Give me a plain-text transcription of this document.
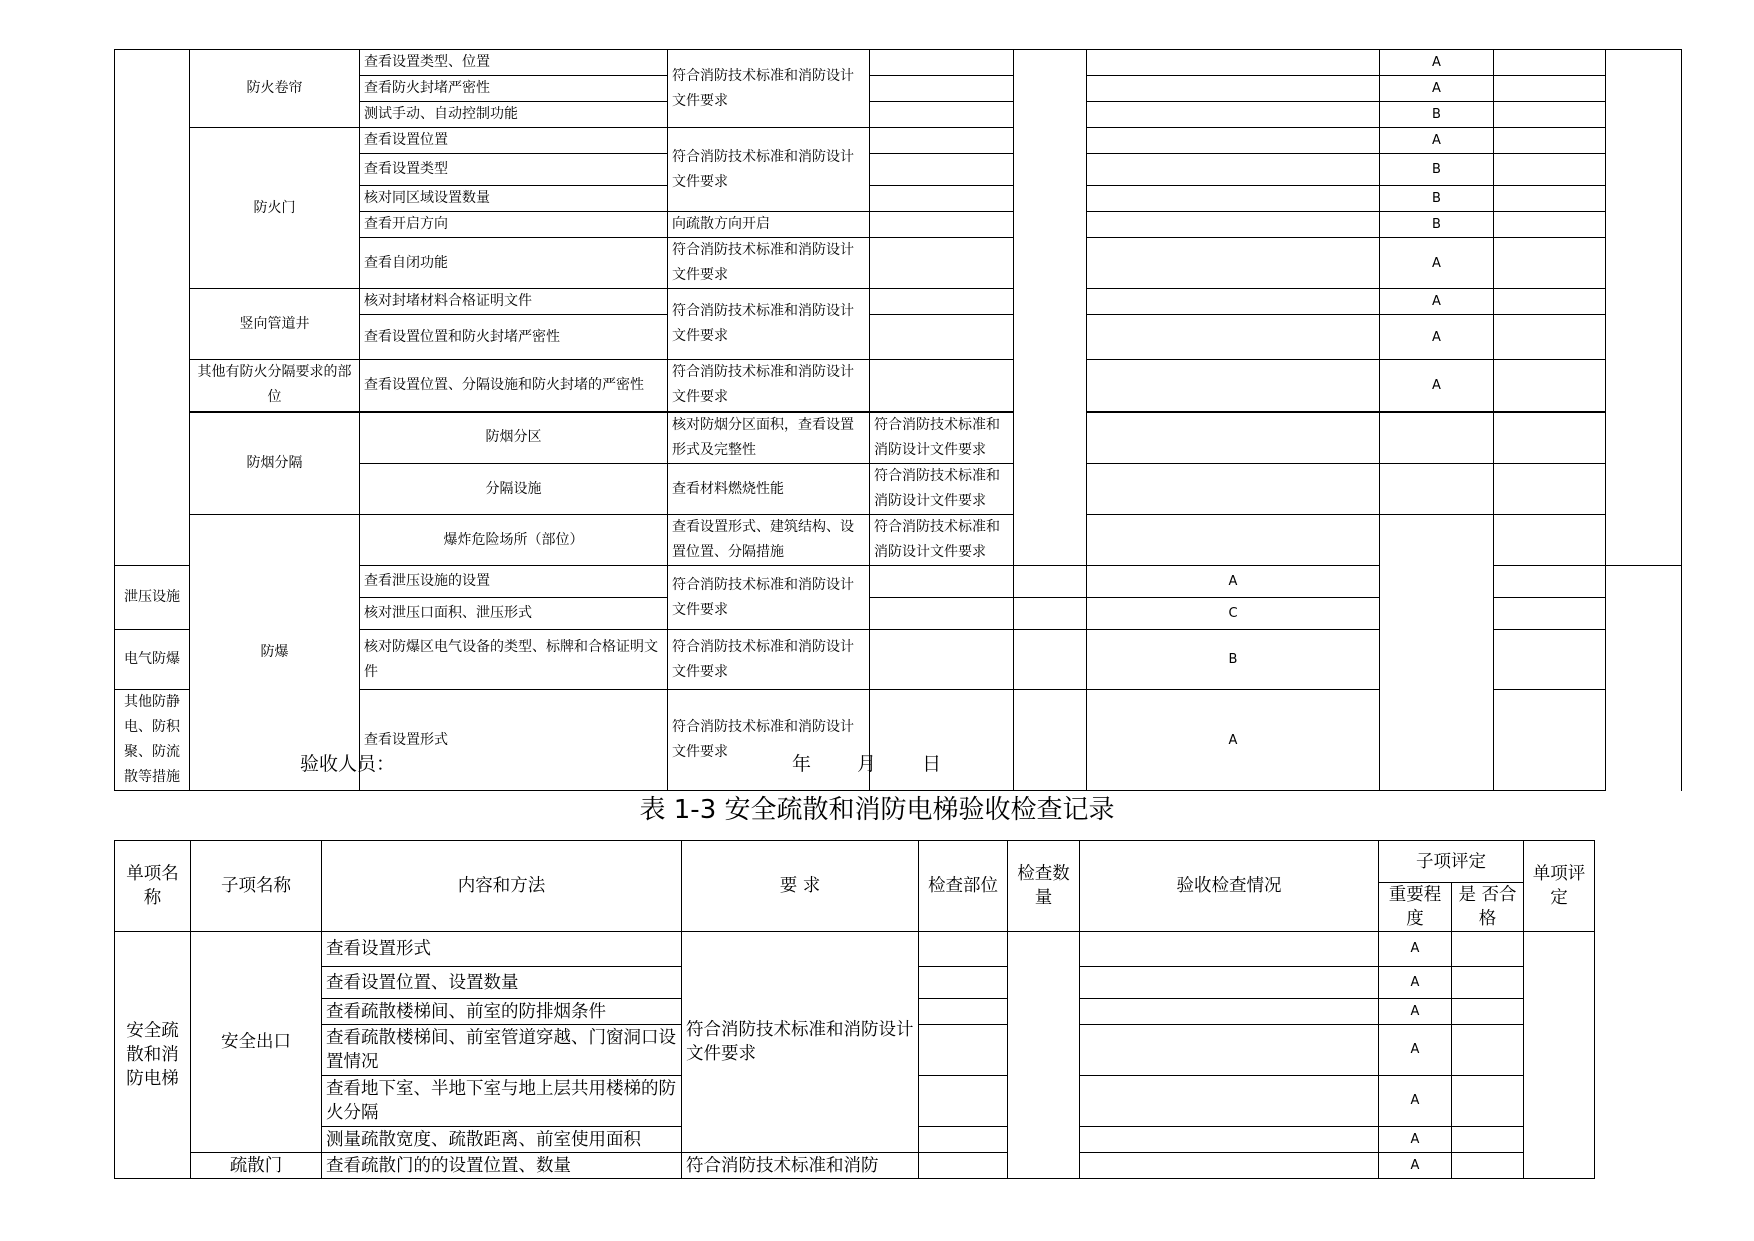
	防火卷帘	查看设置类型、位置	符合消防技术标准和消防设计文件要求				A			
		查看防火封堵严密性					A			
		测试手动、自动控制功能					B			
	防火门	查看设置位置	符合消防技术标准和消防设计文件要求				A			
		查看设置类型					B			
		核对同区域设置数量					B			
		查看开启方向	向疏散方向开启				B			
		查看自闭功能	符合消防技术标准和消防设计文件要求				A			
	竖向管道井	核对封堵材料合格证明文件	符合消防技术标准和消防设计文件要求				A			
		查看设置位置和防火封堵严密性					A			
	其他有防火分隔要求的部位	查看设置位置、分隔设施和防火封堵的严密性	符合消防技术标准和消防设计文件要求				A			
	防烟分隔	防烟分区	核对防烟分区面积，查看设置形式及完整性	符合消防技术标准和消防设计文件要求						
		分隔设施	查看材料燃烧性能	符合消防技术标准和消防设计文件要求						
	防爆	爆炸危险场所（部位）	查看设置形式、建筑结构、设置位置、分隔措施	符合消防技术标准和消防设计文件要求						
泄压设施		查看泄压设施的设置	符合消防技术标准和消防设计文件要求			A				
		核对泄压口面积、泄压形式				C				
电气防爆		核对防爆区电气设备的类型、标牌和合格证明文件	符合消防技术标准和消防设计文件要求			B				
其他防静电、防积聚、防流散等措施		查看设置形式	符合消防技术标准和消防设计文件要求			A				
验收人员：	年 月 日
表 1-3 安全疏散和消防电梯验收检查记录
单项名称	子项名称	内容和方法	要 求	检查部位	检查数量	验收检查情况	子项评定		单项评定
							重要程度	是 否合格	
安全疏散和消防电梯	安全出口	查看设置形式	符合消防技术标准和消防设计文件要求				A		
		查看设置位置、设置数量					A		
		查看疏散楼梯间、前室的防排烟条件					A		
		查看疏散楼梯间、前室管道穿越、门窗洞口设置情况					A		
		查看地下室、半地下室与地上层共用楼梯的防火分隔					A		
		测量疏散宽度、疏散距离、前室使用面积					A		
	疏散门	查看疏散门的的设置位置、数量	符合消防技术标准和消防				A		
